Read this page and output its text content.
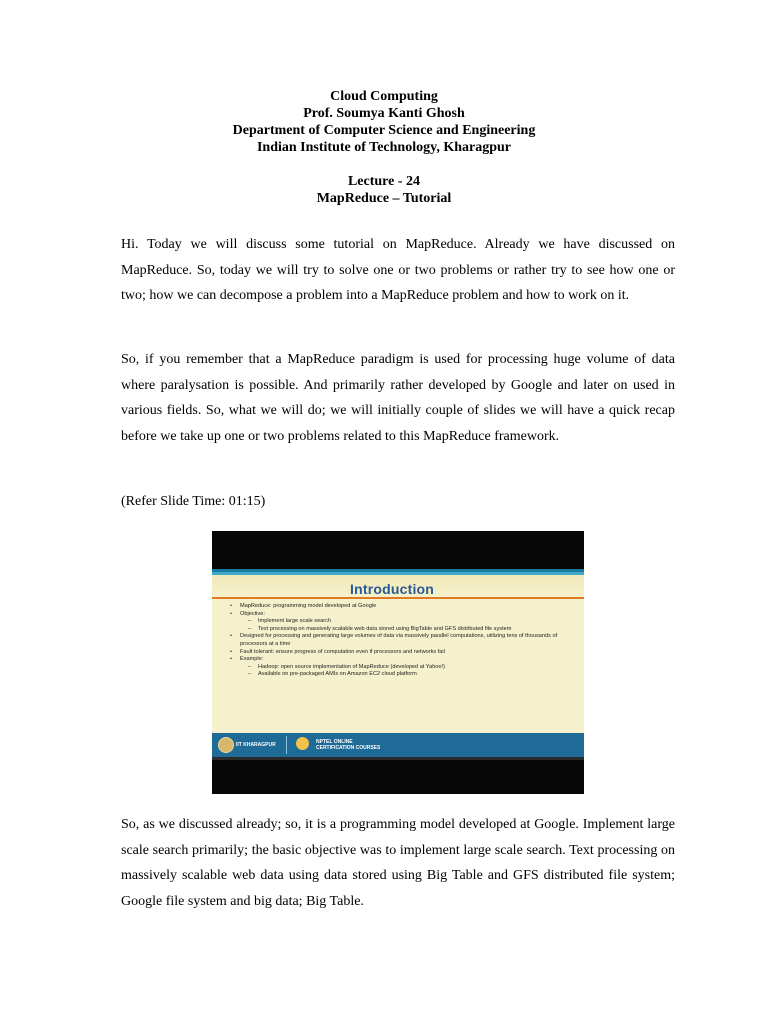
Cloud Computing
Prof. Soumya Kanti Ghosh
Department of Computer Science and Engineering
Indian Institute of Technology, Kharagpur
Lecture - 24
MapReduce – Tutorial

Hi. Today we will discuss some tutorial on MapReduce. Already we have discussed on MapReduce. So, today we will try to solve one or two problems or rather try to see how one or two; how we can decompose a problem into a MapReduce problem and how to work on it.

So, if you remember that a MapReduce paradigm is used for processing huge volume of data where paralysation is possible. And primarily rather developed by Google and later on used in various fields. So, what we will do; we will initially couple of slides we will have a quick recap before we take up one or two problems related to this MapReduce framework.

(Refer Slide Time: 01:15)

Introduction
• MapReduce: programming model developed at Google
• Objective:
– Implement large scale search
– Text processing on massively scalable web data stored using BigTable and GFS distributed file system
• Designed for processing and generating large volumes of data via massively parallel computations, utilizing tens of thousands of processors at a time
• Fault tolerant: ensure progress of computation even if processors and networks fail
• Example:
– Hadoop: open source implementation of MapReduce (developed at Yahoo!)
– Available on pre-packaged AMIs on Amazon EC2 cloud platform
IIT KHARAGPUR	NPTEL ONLINE
CERTIFICATION COURSES

So, as we discussed already; so, it is a programming model developed at Google. Implement large scale search primarily; the basic objective was to implement large scale search. Text processing on massively scalable web data using data stored using Big Table and GFS distributed file system; Google file system and big data; Big Table.
